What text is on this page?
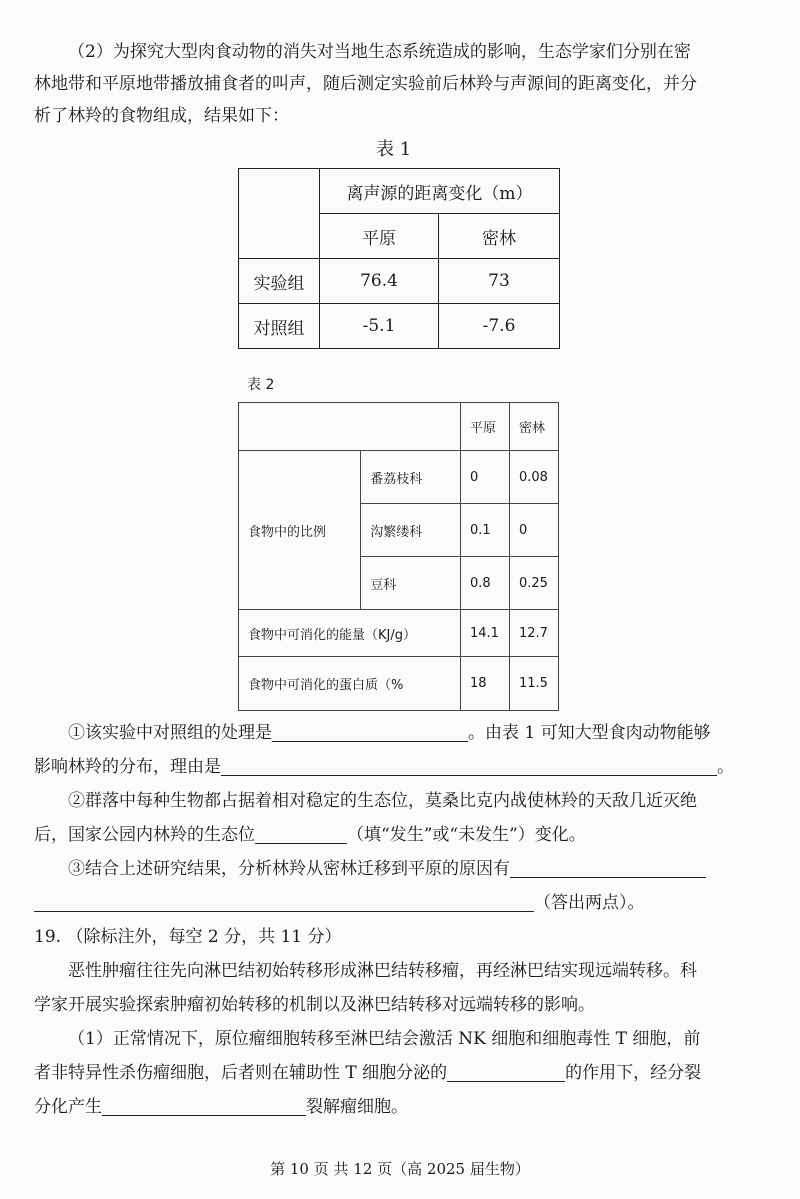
（2）为探究大型肉食动物的消失对当地生态系统造成的影响，生态学家们分别在密
林地带和平原地带播放捕食者的叫声，随后测定实验前后林羚与声源间的距离变化，并分
析了林羚的食物组成，结果如下：
表 1
	离声源的距离变化（m）	
	平原	密林
实验组	76.4	73
对照组	-5.1	-7.6
表 2
		平原	密林
食物中的比例	番荔枝科	0	0.08
	沟繁缕科	0.1	0
	豆科	0.8	0.25
食物中可消化的能量（KJ/g）		14.1	12.7
食物中可消化的蛋白质（%		18	11.5
①该实验中对照组的处理是	。由表 1 可知大型食肉动物能够
影响林羚的分布，理由是	。
②群落中每种生物都占据着相对稳定的生态位，莫桑比克内战使林羚的天敌几近灭绝
后，国家公园内林羚的生态位	（填“发生”或“未发生”）变化。
③结合上述研究结果，分析林羚从密林迁移到平原的原因有
（答出两点）。
19. （除标注外，每空 2 分，共 11 分）
恶性肿瘤往往先向淋巴结初始转移形成淋巴结转移瘤，再经淋巴结实现远端转移。科
学家开展实验探索肿瘤初始转移的机制以及淋巴结转移对远端转移的影响。
（1）正常情况下，原位瘤细胞转移至淋巴结会激活 NK 细胞和细胞毒性 T 细胞，前
者非特异性杀伤瘤细胞，后者则在辅助性 T 细胞分泌的	的作用下，经分裂
分化产生	裂解瘤细胞。
第 10 页 共 12 页（高 2025 届生物）
